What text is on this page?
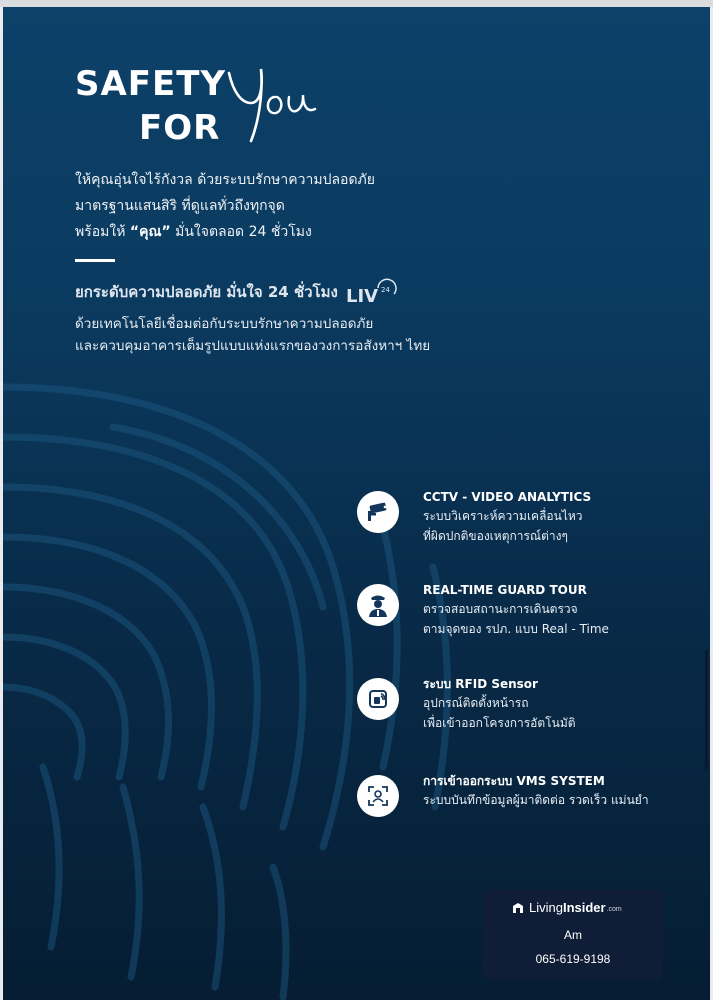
SAFETY
FOR
ให้คุณอุ่นใจไร้กังวล ด้วยระบบรักษาความปลอดภัย
มาตรฐานแสนสิริ ที่ดูแลทั่วถึงทุกจุด
พร้อมให้ “คุณ” มั่นใจตลอด 24 ชั่วโมง
ยกระดับความปลอดภัย มั่นใจ 24 ชั่วโมง LIV 24
ด้วยเทคโนโลยีเชื่อมต่อกับระบบรักษาความปลอดภัย
และควบคุมอาคารเต็มรูปแบบแห่งแรกของวงการอสังหาฯ ไทย
CCTV - VIDEO ANALYTICS
ระบบวิเคราะห์ความเคลื่อนไหว
ที่ผิดปกติของเหตุการณ์ต่างๆ
REAL-TIME GUARD TOUR
ตรวจสอบสถานะการเดินตรวจ
ตามจุดของ รปภ. แบบ Real - Time
ระบบ RFID Sensor
อุปกรณ์ติดตั้งหน้ารถ
เพื่อเข้าออกโครงการอัตโนมัติ
การเข้าออกระบบ VMS SYSTEM
ระบบบันทึกข้อมูลผู้มาติดต่อ รวดเร็ว แม่นยำ
Living Insider .com
Am
065-619-9198
